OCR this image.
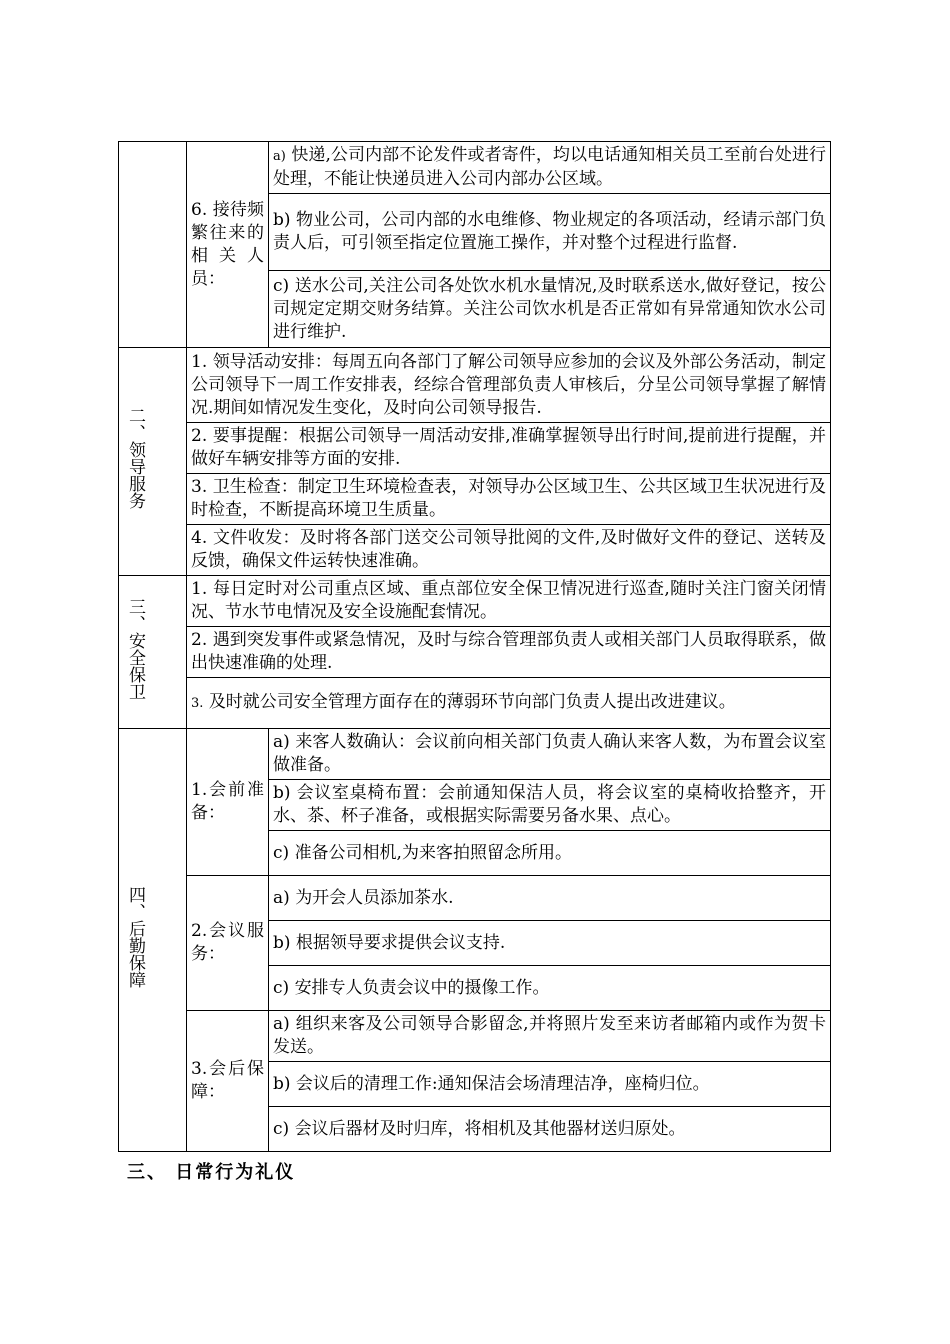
	6. 接待频繁往来的相关人员：	a) 快递,公司内部不论发件或者寄件，均以电话通知相关员工至前台处进行处理，不能让快递员进入公司内部办公区域。
		b) 物业公司，公司内部的水电维修、物业规定的各项活动，经请示部门负责人后，可引领至指定位置施工操作，并对整个过程进行监督.
		c) 送水公司,关注公司各处饮水机水量情况,及时联系送水,做好登记，按公司规定定期交财务结算。关注公司饮水机是否正常如有异常通知饮水公司进行维护.
二、领导服务	1. 领导活动安排：每周五向各部门了解公司领导应参加的会议及外部公务活动，制定公司领导下一周工作安排表，经综合管理部负责人审核后，分呈公司领导掌握了解情况.期间如情况发生变化，及时向公司领导报告.	
	2. 要事提醒：根据公司领导一周活动安排,准确掌握领导出行时间,提前进行提醒，并做好车辆安排等方面的安排.	
	3. 卫生检查：制定卫生环境检查表，对领导办公区域卫生、公共区域卫生状况进行及时检查，不断提高环境卫生质量。	
	4. 文件收发：及时将各部门送交公司领导批阅的文件,及时做好文件的登记、送转及反馈，确保文件运转快速准确。	
三、安全保卫	1. 每日定时对公司重点区域、重点部位安全保卫情况进行巡查,随时关注门窗关闭情况、节水节电情况及安全设施配套情况。	
	2. 遇到突发事件或紧急情况，及时与综合管理部负责人或相关部门人员取得联系，做出快速准确的处理.	
	3. 及时就公司安全管理方面存在的薄弱环节向部门负责人提出改进建议。	
四、后勤保障	1.会前准备：	a) 来客人数确认：会议前向相关部门负责人确认来客人数，为布置会议室做准备。
		b) 会议室桌椅布置：会前通知保洁人员，将会议室的桌椅收拾整齐，开水、茶、杯子准备，或根据实际需要另备水果、点心。
		c) 准备公司相机,为来客拍照留念所用。
	2.会议服务：	a) 为开会人员添加茶水.
		b) 根据领导要求提供会议支持.
		c) 安排专人负责会议中的摄像工作。
	3.会后保障：	a) 组织来客及公司领导合影留念,并将照片发至来访者邮箱内或作为贺卡发送。
		b) 会议后的清理工作:通知保洁会场清理洁净，座椅归位。
		c) 会议后器材及时归库，将相机及其他器材送归原处。
三、 日常行为礼仪
